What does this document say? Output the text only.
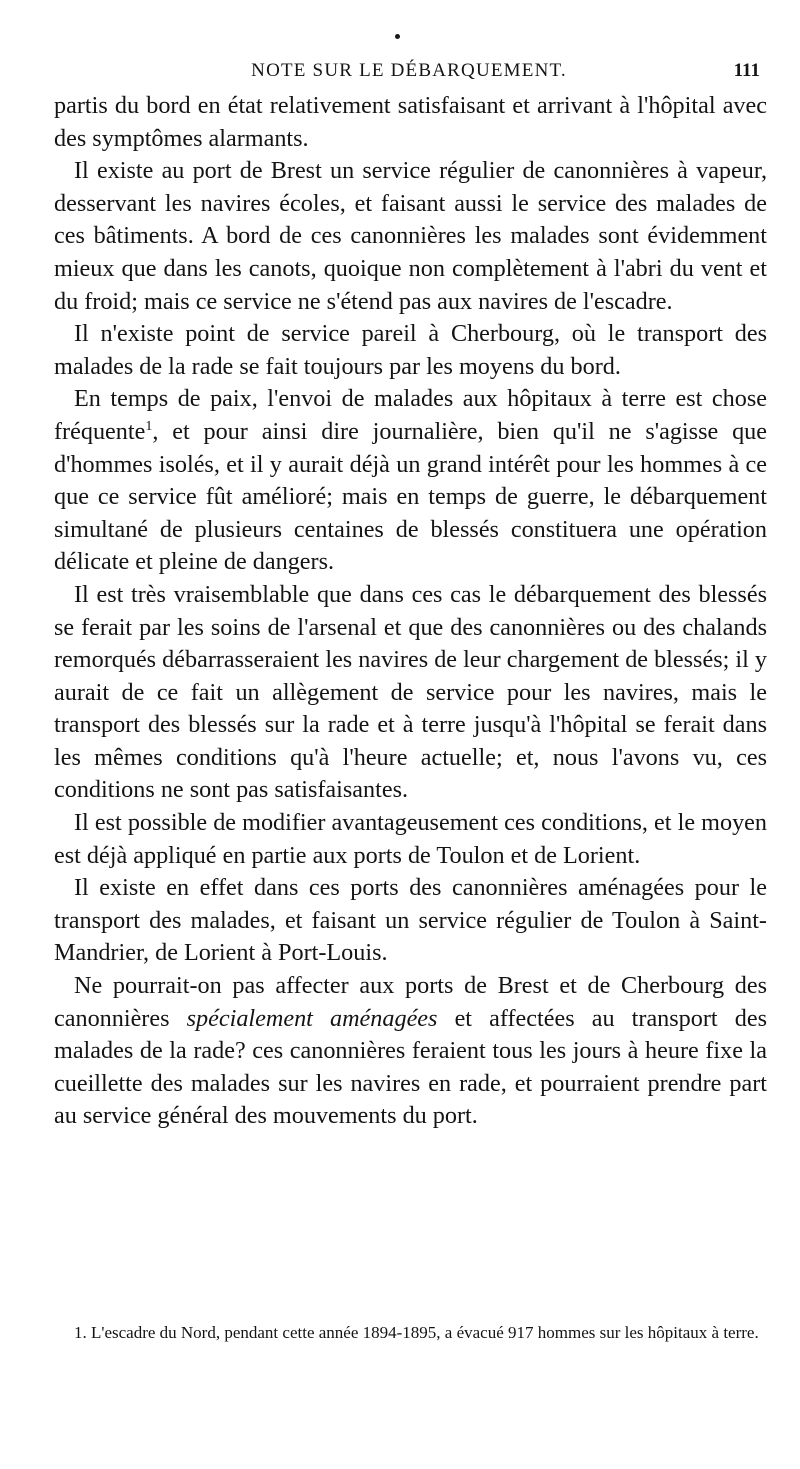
NOTE SUR LE DÉBARQUEMENT.	111

partis du bord en état relativement satisfaisant et arrivant à l'hôpital avec des symptômes alarmants.

Il existe au port de Brest un service régulier de canonnières à vapeur, desservant les navires écoles, et faisant aussi le service des malades de ces bâtiments. A bord de ces canonnières les malades sont évidemment mieux que dans les canots, quoique non complètement à l'abri du vent et du froid; mais ce service ne s'étend pas aux navires de l'escadre.

Il n'existe point de service pareil à Cherbourg, où le transport des malades de la rade se fait toujours par les moyens du bord.

En temps de paix, l'envoi de malades aux hôpitaux à terre est chose fréquente$^1$, et pour ainsi dire journalière, bien qu'il ne s'agisse que d'hommes isolés, et il y aurait déjà un grand intérêt pour les hommes à ce que ce service fût amélioré; mais en temps de guerre, le débarquement simultané de plusieurs centaines de blessés constituera une opération délicate et pleine de dangers.

Il est très vraisemblable que dans ces cas le débarquement des blessés se ferait par les soins de l'arsenal et que des canonnières ou des chalands remorqués débarrasseraient les navires de leur chargement de blessés; il y aurait de ce fait un allègement de service pour les navires, mais le transport des blessés sur la rade et à terre jusqu'à l'hôpital se ferait dans les mêmes conditions qu'à l'heure actuelle; et, nous l'avons vu, ces conditions ne sont pas satisfaisantes.

Il est possible de modifier avantageusement ces conditions, et le moyen est déjà appliqué en partie aux ports de Toulon et de Lorient.

Il existe en effet dans ces ports des canonnières aménagées pour le transport des malades, et faisant un service régulier de Toulon à Saint-Mandrier, de Lorient à Port-Louis.

Ne pourrait-on pas affecter aux ports de Brest et de Cherbourg des canonnières spécialement aménagées et affectées au transport des malades de la rade? ces canonnières feraient tous les jours à heure fixe la cueillette des malades sur les navires en rade, et pourraient prendre part au service général des mouvements du port.

1. L'escadre du Nord, pendant cette année 1894-1895, a évacué 917 hommes sur les hôpitaux à terre.
